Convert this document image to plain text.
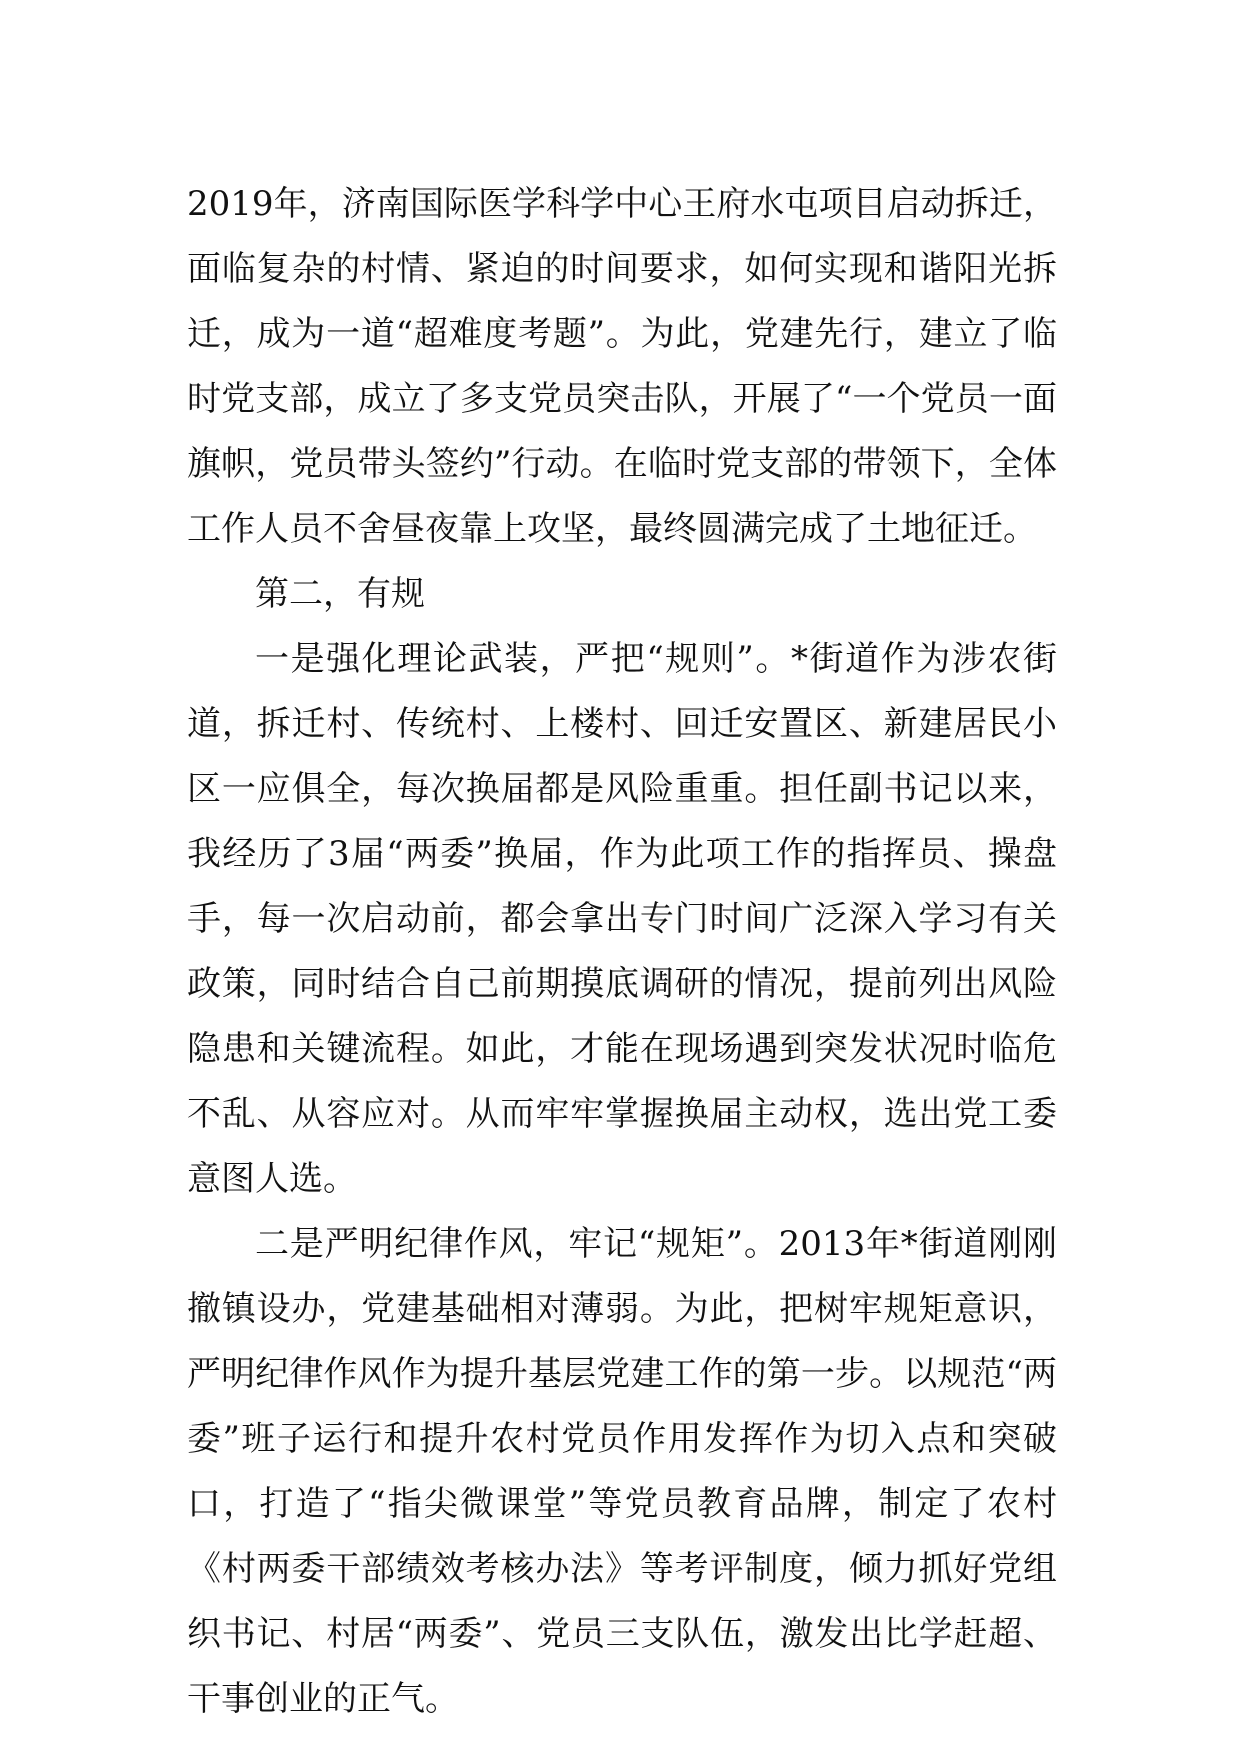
2019年，济南国际医学科学中心王府水屯项目启动拆迁，面临复杂的村情、紧迫的时间要求，如何实现和谐阳光拆迁，成为一道“超难度考题”。为此，党建先行，建立了临时党支部，成立了多支党员突击队，开展了“一个党员一面旗帜，党员带头签约”行动。在临时党支部的带领下，全体工作人员不舍昼夜靠上攻坚，最终圆满完成了土地征迁。

第二，有规

一是强化理论武装，严把“规则”。*街道作为涉农街道，拆迁村、传统村、上楼村、回迁安置区、新建居民小区一应俱全，每次换届都是风险重重。担任副书记以来，我经历了3届“两委”换届，作为此项工作的指挥员、操盘手，每一次启动前，都会拿出专门时间广泛深入学习有关政策，同时结合自己前期摸底调研的情况，提前列出风险隐患和关键流程。如此，才能在现场遇到突发状况时临危不乱、从容应对。从而牢牢掌握换届主动权，选出党工委意图人选。

二是严明纪律作风，牢记“规矩”。2013年*街道刚刚撤镇设办，党建基础相对薄弱。为此，把树牢规矩意识，严明纪律作风作为提升基层党建工作的第一步。以规范“两委”班子运行和提升农村党员作用发挥作为切入点和突破口，打造了“指尖微课堂”等党员教育品牌，制定了农村《村两委干部绩效考核办法》等考评制度，倾力抓好党组织书记、村居“两委”、党员三支队伍，激发出比学赶超、干事创业的正气。
